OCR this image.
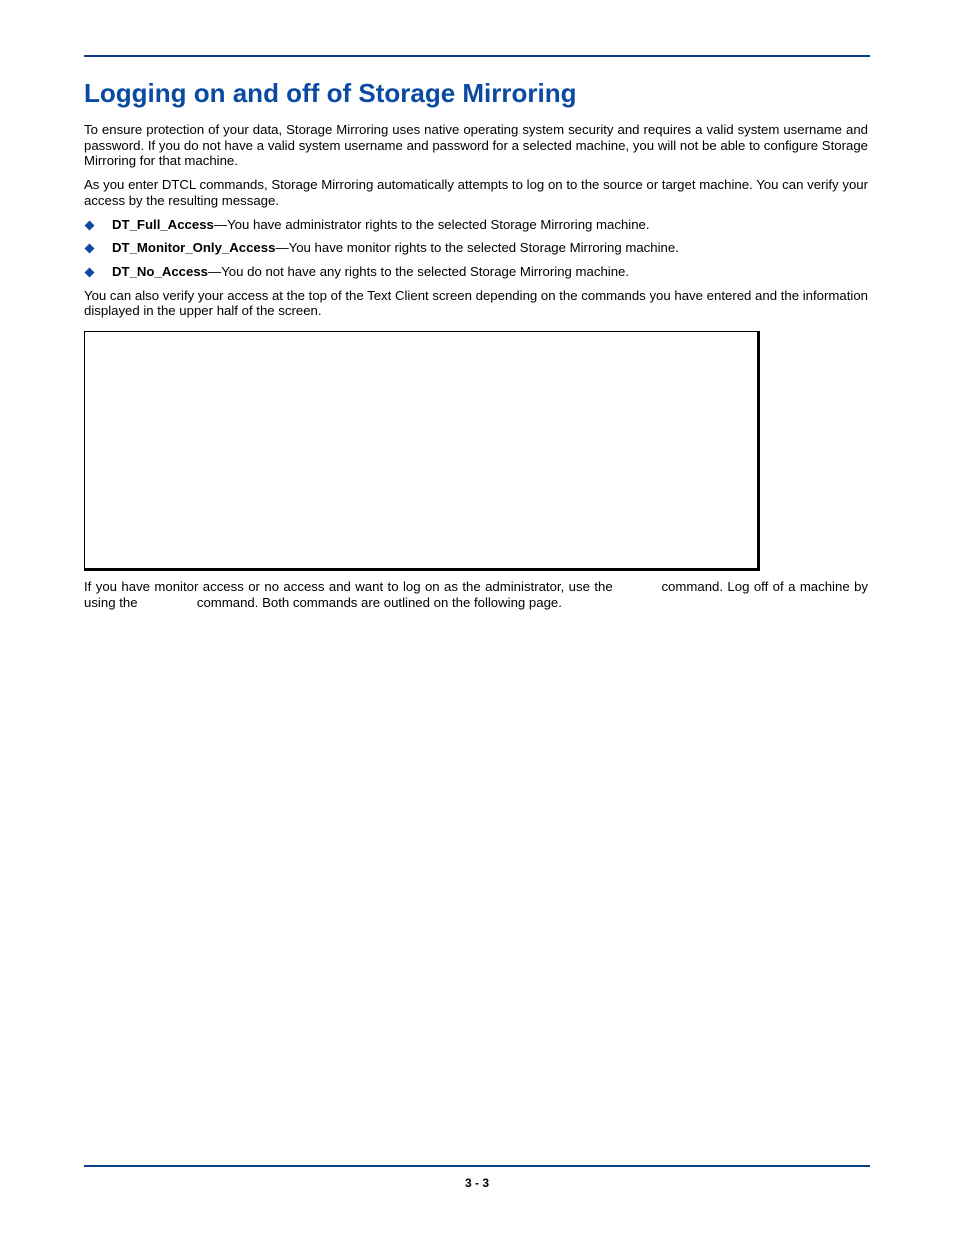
Logging on and off of Storage Mirroring

To ensure protection of your data, Storage Mirroring uses native operating system security and requires a valid system username and password. If you do not have a valid system username and password for a selected machine, you will not be able to configure Storage Mirroring for that machine.

As you enter DTCL commands, Storage Mirroring automatically attempts to log on to the source or target machine. You can verify your access by the resulting message.

DT_Full_Access—You have administrator rights to the selected Storage Mirroring machine.
DT_Monitor_Only_Access—You have monitor rights to the selected Storage Mirroring machine.
DT_No_Access—You do not have any rights to the selected Storage Mirroring machine.

You can also verify your access at the top of the Text Client screen depending on the commands you have entered and the information displayed in the upper half of the screen.

If you have monitor access or no access and want to log on as the administrator, use the	command. Log off of a machine by using the	command. Both commands are outlined on the following page.

3 - 3
